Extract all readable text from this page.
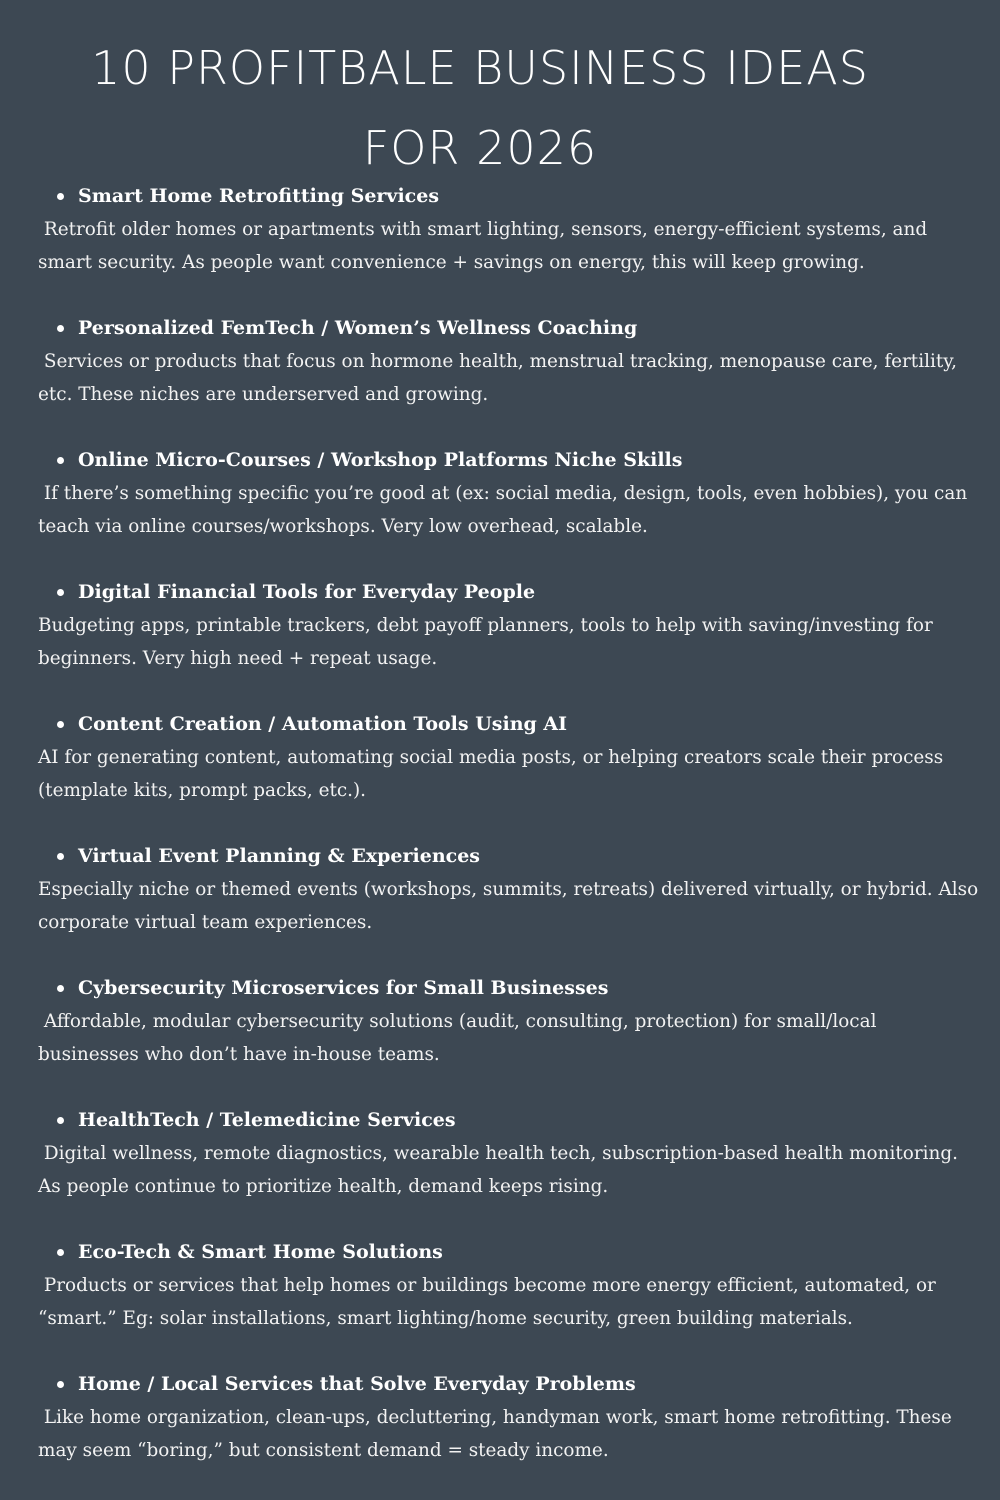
10 PROFITBALE BUSINESS IDEAS
FOR 2026
Smart Home Retrofitting Services
Retrofit older homes or apartments with smart lighting, sensors, energy-efficient systems, and smart security. As people want convenience + savings on energy, this will keep growing.
Personalized FemTech / Women’s Wellness Coaching
Services or products that focus on hormone health, menstrual tracking, menopause care, fertility, etc. These niches are underserved and growing.
Online Micro-Courses / Workshop Platforms Niche Skills
If there’s something specific you’re good at (ex: social media, design, tools, even hobbies), you can teach via online courses/workshops. Very low overhead, scalable.
Digital Financial Tools for Everyday People
Budgeting apps, printable trackers, debt payoff planners, tools to help with saving/investing for beginners. Very high need + repeat usage.
Content Creation / Automation Tools Using AI
AI for generating content, automating social media posts, or helping creators scale their process (template kits, prompt packs, etc.).
Virtual Event Planning & Experiences
Especially niche or themed events (workshops, summits, retreats) delivered virtually, or hybrid. Also corporate virtual team experiences.
Cybersecurity Microservices for Small Businesses
Affordable, modular cybersecurity solutions (audit, consulting, protection) for small/local businesses who don’t have in-house teams.
HealthTech / Telemedicine Services
Digital wellness, remote diagnostics, wearable health tech, subscription-based health monitoring. As people continue to prioritize health, demand keeps rising.
Eco-Tech & Smart Home Solutions
Products or services that help homes or buildings become more energy efficient, automated, or “smart.” Eg: solar installations, smart lighting/home security, green building materials.
Home / Local Services that Solve Everyday Problems
Like home organization, clean-ups, decluttering, handyman work, smart home retrofitting. These may seem “boring,” but consistent demand = steady income.
